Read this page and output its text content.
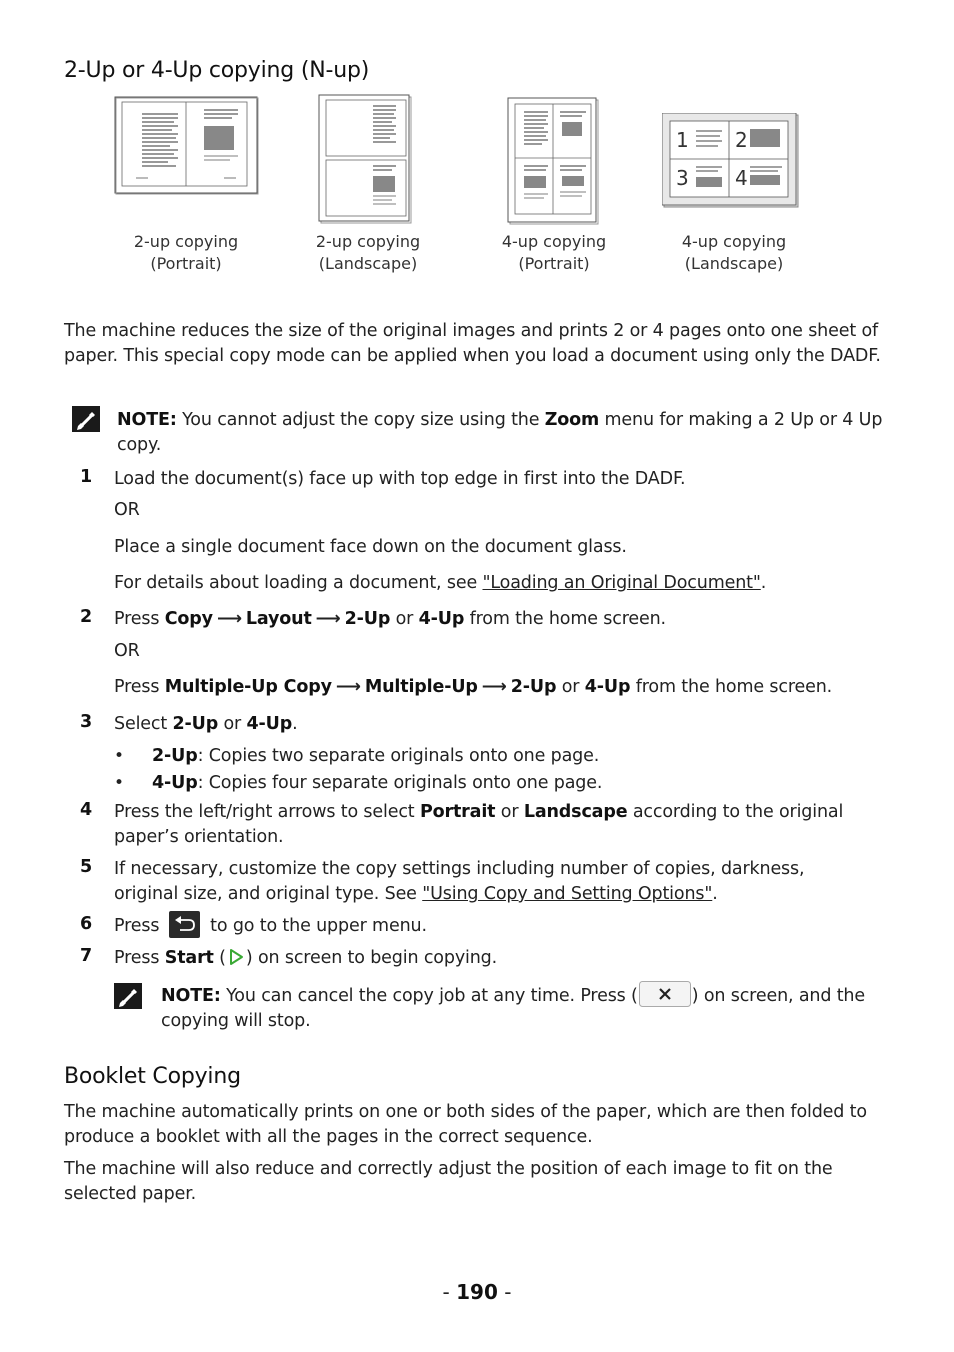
2-Up or 4-Up copying (N-up)
1 2
3 4
2-up copying
(Portrait)
2-up copying
(Landscape)
4-up copying
(Portrait)
4-up copying
(Landscape)

The machine reduces the size of the original images and prints 2 or 4 pages onto one sheet of paper. This special copy mode can be applied when you load a document using only the DADF.

NOTE: You cannot adjust the copy size using the Zoom menu for making a 2 Up or 4 Up copy.

1 Load the document(s) face up with top edge in first into the DADF.

OR

Place a single document face down on the document glass.

For details about loading a document, see "Loading an Original Document".

2 Press Copy ⟶ Layout ⟶ 2-Up or 4-Up from the home screen.

OR

Press Multiple-Up Copy ⟶ Multiple-Up ⟶ 2-Up or 4-Up from the home screen.

3 Select 2-Up or 4-Up.

• 2-Up: Copies two separate originals onto one page.

• 4-Up: Copies four separate originals onto one page.

4 Press the left/right arrows to select Portrait or Landscape according to the original paper’s orientation.

5 If necessary, customize the copy settings including number of copies, darkness, original size, and original type. See "Using Copy and Setting Options".

6 Press  to go to the upper menu.

7 Press Start ( ) on screen to begin copying.

NOTE: You can cancel the copy job at any time. Press (	) on screen, and the copying will stop.

Booklet Copying

The machine automatically prints on one or both sides of the paper, which are then folded to produce a booklet with all the pages in the correct sequence.

The machine will also reduce and correctly adjust the position of each image to fit on the selected paper.

- 190 -
